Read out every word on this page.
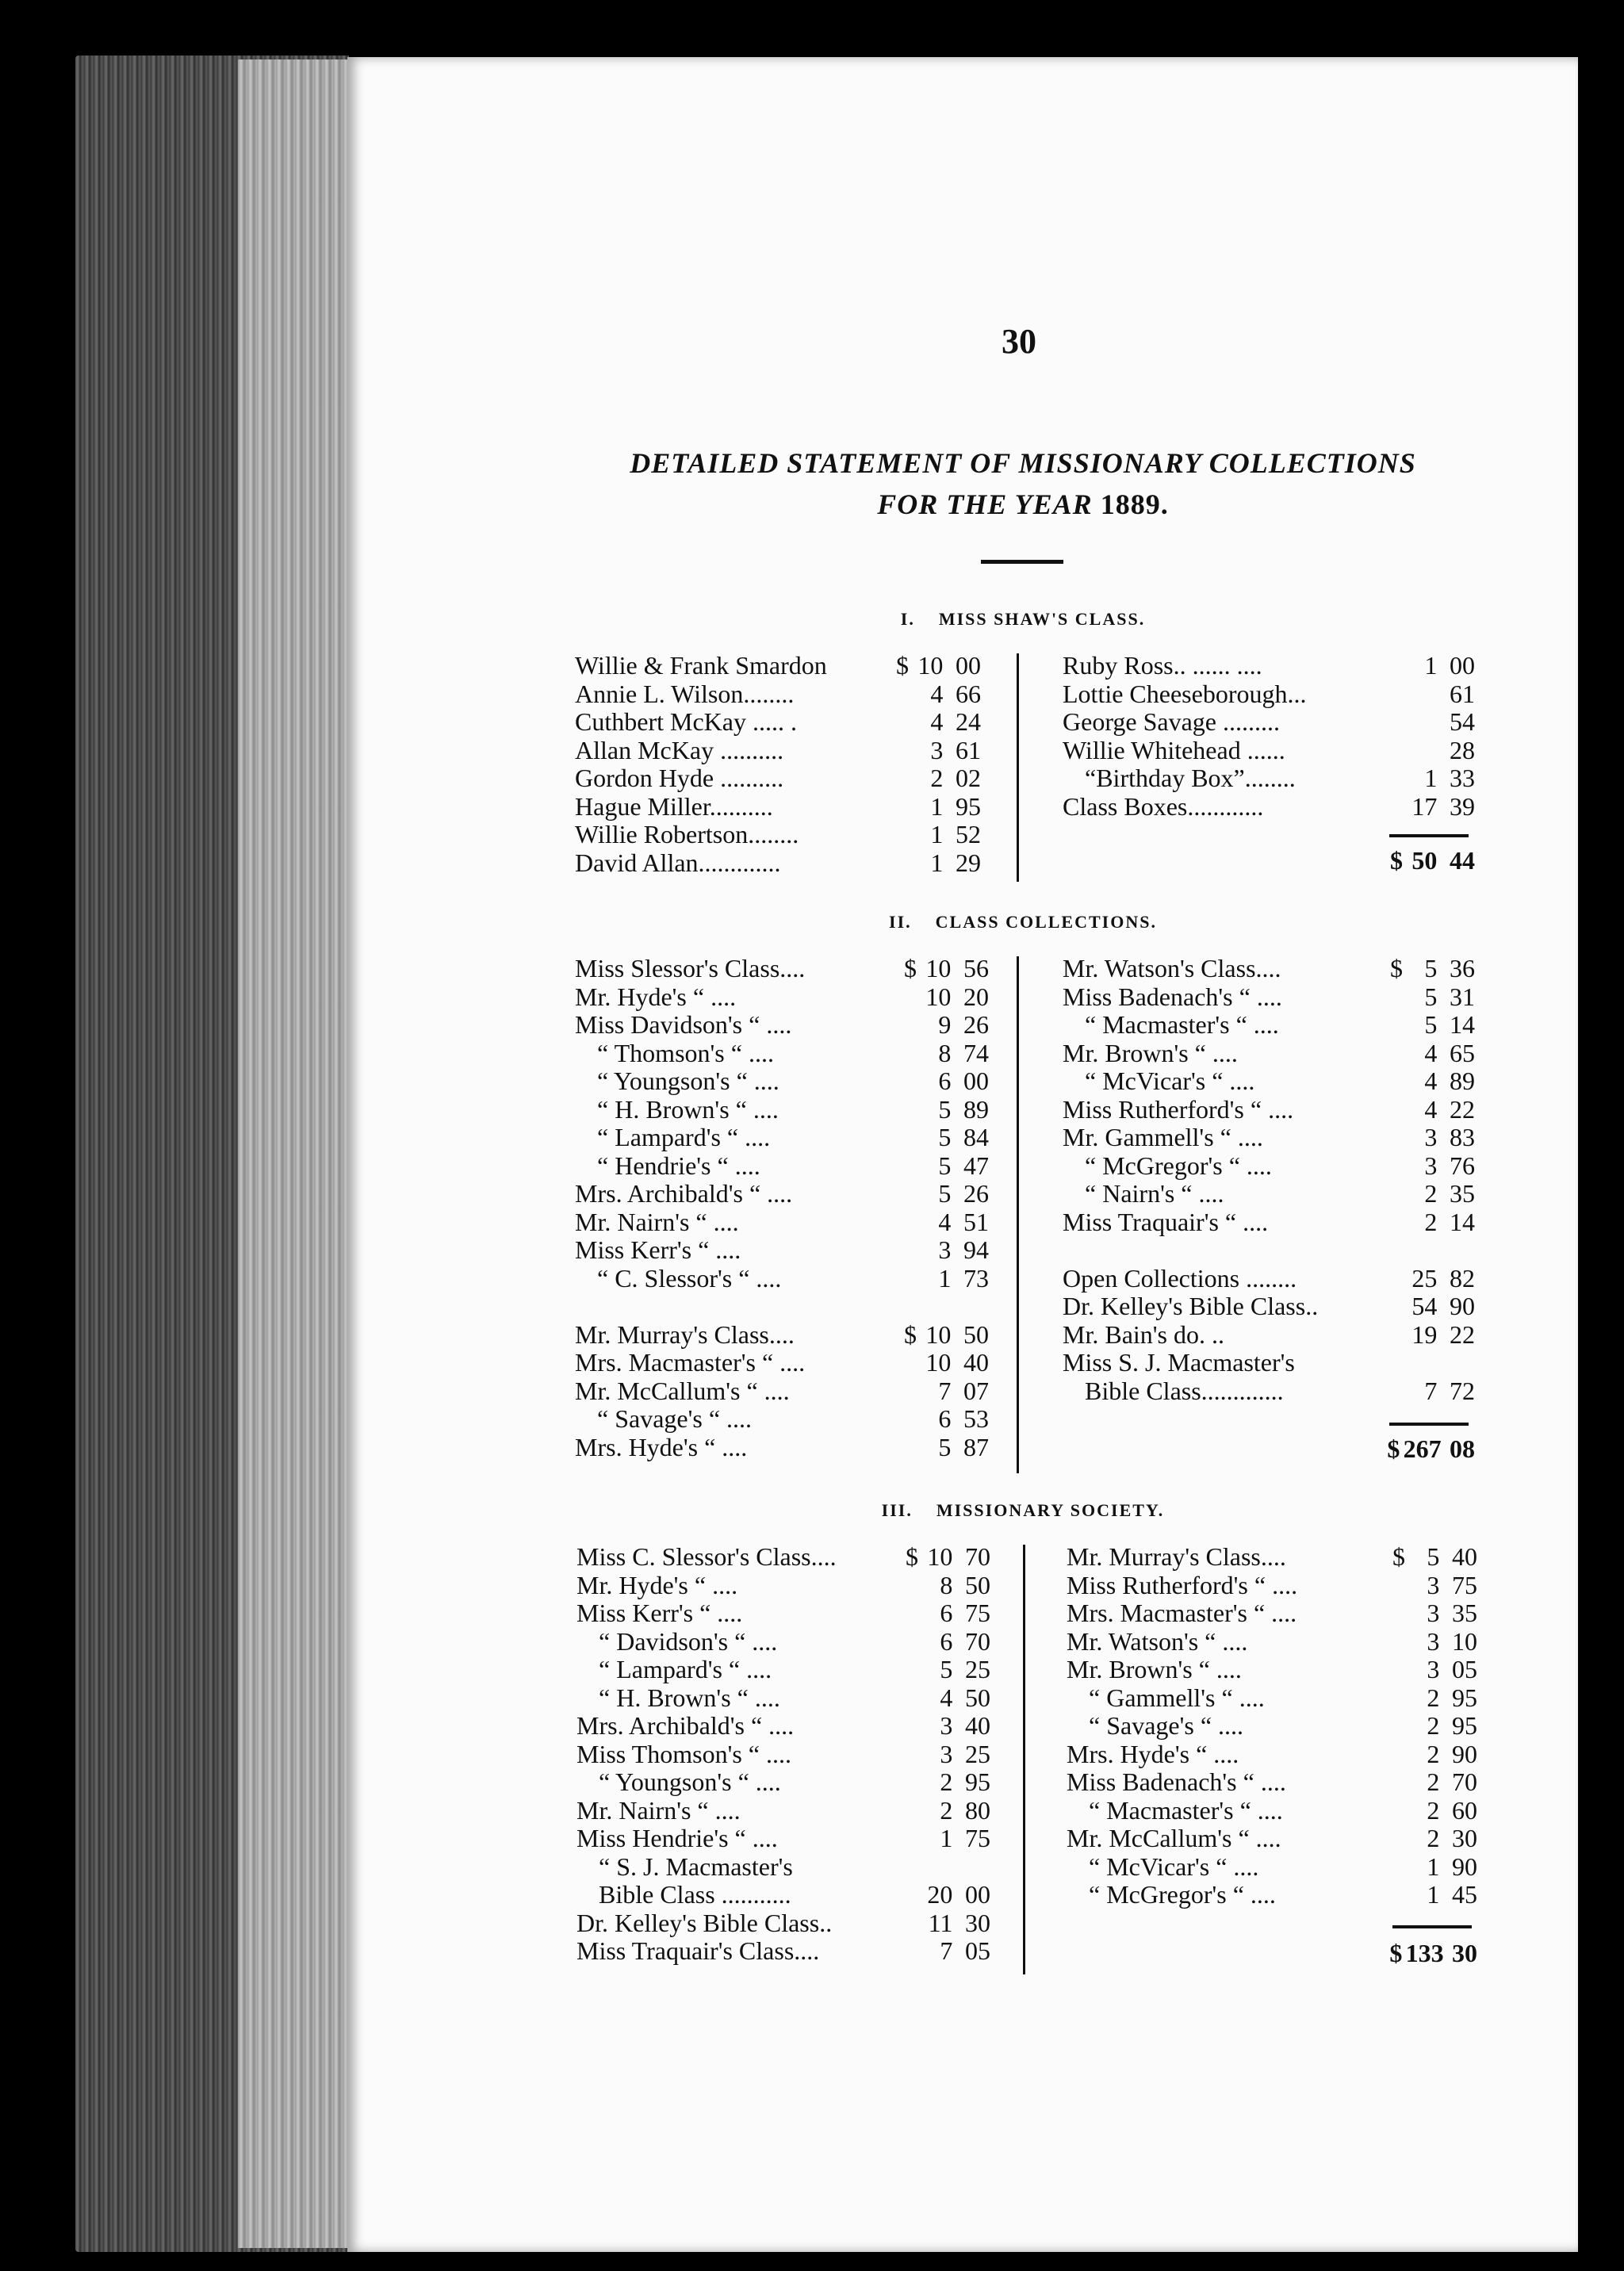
30
DETAILED STATEMENT OF MISSIONARY COLLECTIONS
FOR THE YEAR 1889.
I. MISS SHAW'S CLASS.
II. CLASS COLLECTIONS.
III. MISSIONARY SOCIETY.
Willie & Frank Smardon	$ 10 00
Annie L. Wilson........	4 66
Cuthbert McKay ..... .	4 24
Allan McKay ..........	3 61
Gordon Hyde ..........	2 02
Hague Miller..........	1 95
Willie Robertson........	1 52
David Allan.............	1 29
Ruby Ross.. ...... ....	1 00
Lottie Cheeseborough...	61
George Savage .........	54
Willie Whitehead ......	28
“Birthday Box”........	1 33
Class Boxes............	17 39
Miss Slessor's Class....	$ 10 56
Mr. Hyde's “ ....	10 20
Miss Davidson's “ ....	9 26
“ Thomson's “ ....	8 74
“ Youngson's “ ....	6 00
“ H. Brown's “ ....	5 89
“ Lampard's “ ....	5 84
“ Hendrie's “ ....	5 47
Mrs. Archibald's “ ....	5 26
Mr. Nairn's “ ....	4 51
Miss Kerr's “ ....	3 94
“ C. Slessor's “ ....	1 73
Mr. Murray's Class....	$ 10 50
Mrs. Macmaster's “ ....	10 40
Mr. McCallum's “ ....	7 07
“ Savage's “ ....	6 53
Mrs. Hyde's “ ....	5 87
Mr. Watson's Class....	$ 5 36
Miss Badenach's “ ....	5 31
“ Macmaster's “ ....	5 14
Mr. Brown's “ ....	4 65
“ McVicar's “ ....	4 89
Miss Rutherford's “ ....	4 22
Mr. Gammell's “ ....	3 83
“ McGregor's “ ....	3 76
“ Nairn's “ ....	2 35
Miss Traquair's “ ....	2 14
Open Collections ........	25 82
Dr. Kelley's Bible Class..	54 90
Mr. Bain's do. ..	19 22
Miss S. J. Macmaster's
Bible Class.............	7 72
Miss C. Slessor's Class....	$ 10 70
Mr. Hyde's “ ....	8 50
Miss Kerr's “ ....	6 75
“ Davidson's “ ....	6 70
“ Lampard's “ ....	5 25
“ H. Brown's “ ....	4 50
Mrs. Archibald's “ ....	3 40
Miss Thomson's “ ....	3 25
“ Youngson's “ ....	2 95
Mr. Nairn's “ ....	2 80
Miss Hendrie's “ ....	1 75
“ S. J. Macmaster's
Bible Class ...........	20 00
Dr. Kelley's Bible Class..	11 30
Miss Traquair's Class....	7 05
Mr. Murray's Class....	$ 5 40
Miss Rutherford's “ ....	3 75
Mrs. Macmaster's “ ....	3 35
Mr. Watson's “ ....	3 10
Mr. Brown's “ ....	3 05
“ Gammell's “ ....	2 95
“ Savage's “ ....	2 95
Mrs. Hyde's “ ....	2 90
Miss Badenach's “ ....	2 70
“ Macmaster's “ ....	2 60
Mr. McCallum's “ ....	2 30
“ McVicar's “ ....	1 90
“ McGregor's “ ....	1 45
$ 50 44
$ 267 08
$ 133 30
